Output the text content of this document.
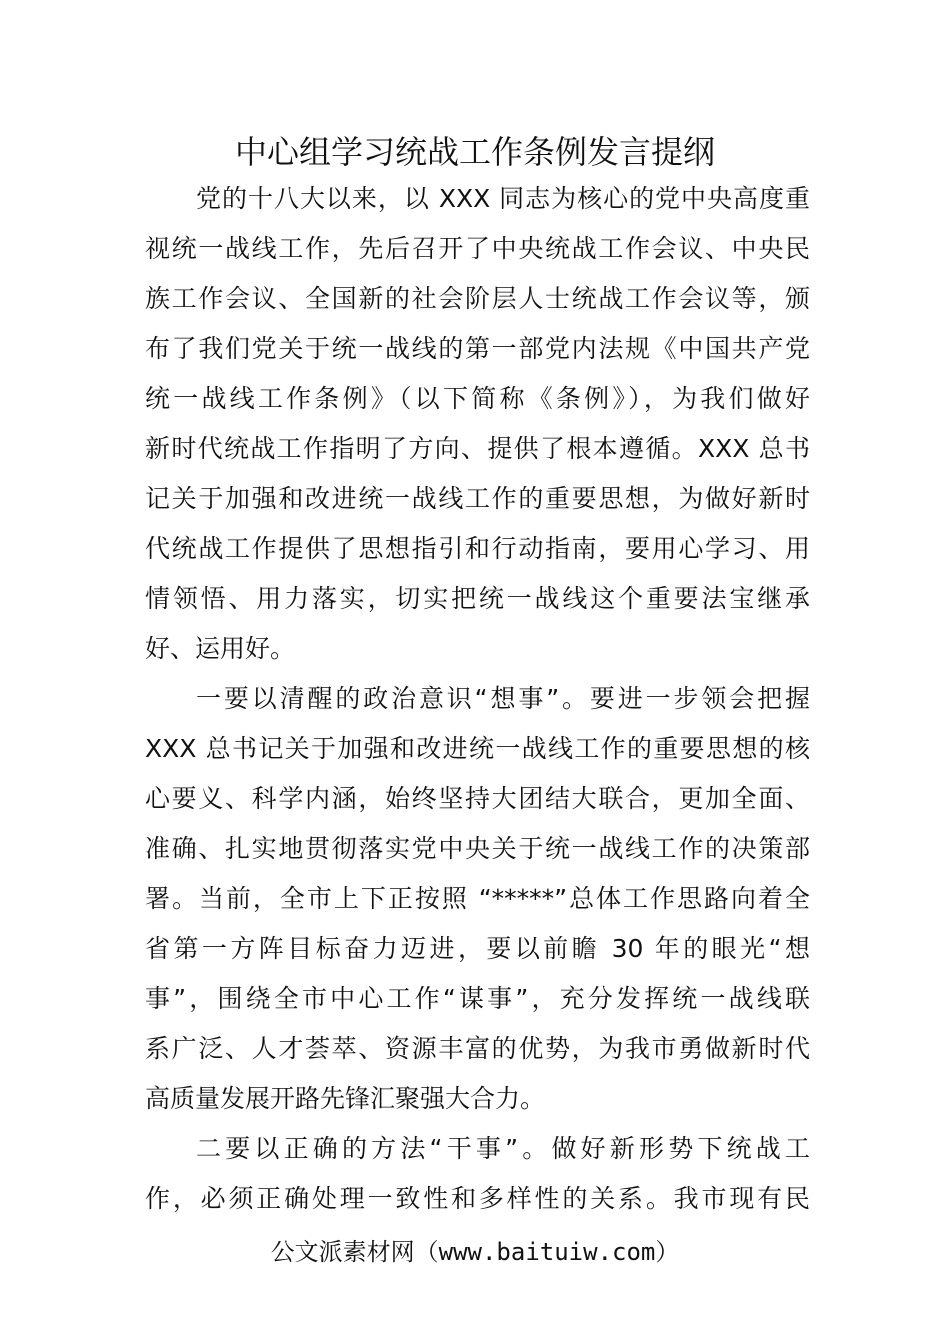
中心组学习统战工作条例发言提纲
党的十八大以来，以 XXX 同志为核心的党中央高度重
视统一战线工作，先后召开了中央统战工作会议、中央民
族工作会议、全国新的社会阶层人士统战工作会议等，颁
布了我们党关于统一战线的第一部党内法规《中国共产党
统一战线工作条例》（以下简称《条例》），为我们做好
新时代统战工作指明了方向、提供了根本遵循。XXX 总书
记关于加强和改进统一战线工作的重要思想，为做好新时
代统战工作提供了思想指引和行动指南，要用心学习、用
情领悟、用力落实，切实把统一战线这个重要法宝继承
好、运用好。
一要以清醒的政治意识“想事”。要进一步领会把握
XXX 总书记关于加强和改进统一战线工作的重要思想的核
心要义、科学内涵，始终坚持大团结大联合，更加全面、
准确、扎实地贯彻落实党中央关于统一战线工作的决策部
署。当前，全市上下正按照 “*****”总体工作思路向着全
省第一方阵目标奋力迈进，要以前瞻 30 年的眼光“想
事”，围绕全市中心工作“谋事”，充分发挥统一战线联
系广泛、人才荟萃、资源丰富的优势，为我市勇做新时代
高质量发展开路先锋汇聚强大合力。
二要以正确的方法“干事”。做好新形势下统战工
作，必须正确处理一致性和多样性的关系。我市现有民
公文派素材网（www.baituiw.com）
